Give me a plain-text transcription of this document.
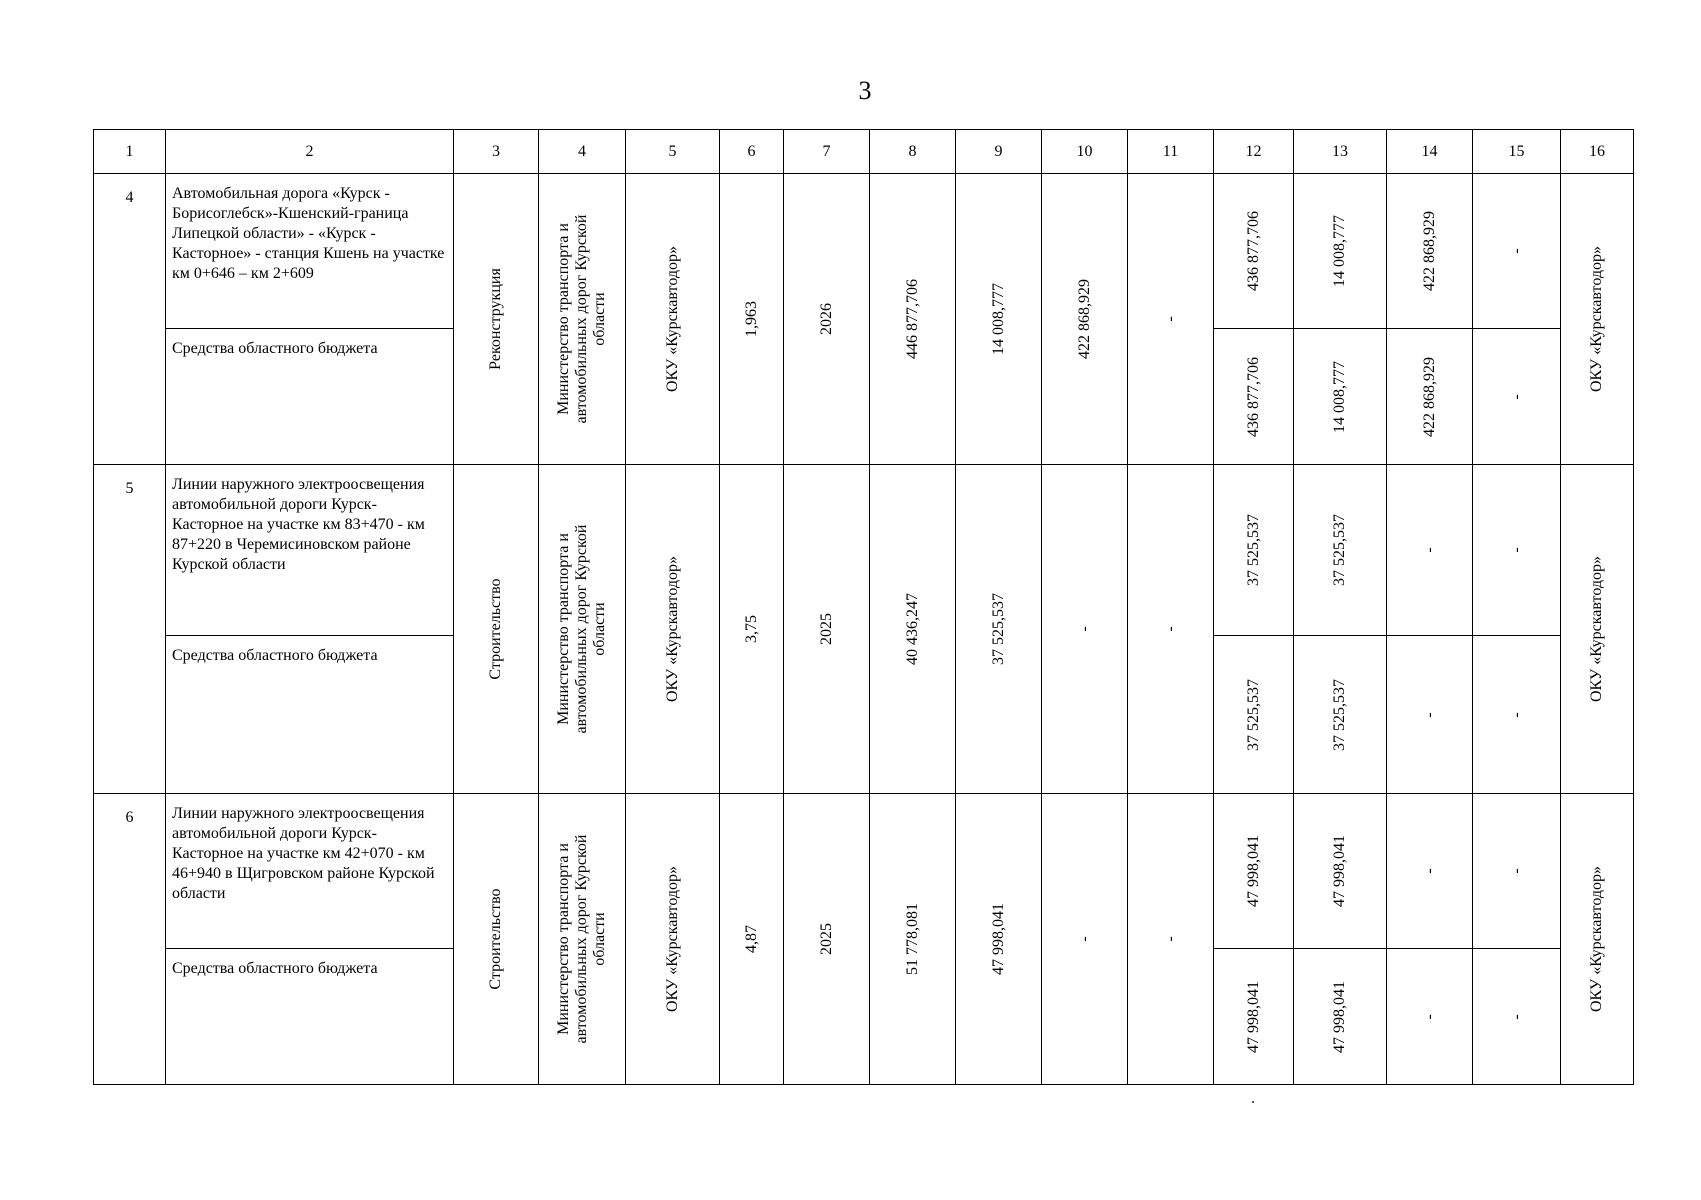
3
1	2	3	4	5	6	7	8	9	10	11	12	13	14	15	16
4	Автомобильная дорога «Курск - Борисоглебск»-Кшенский-граница Липецкой области» - «Курск - Касторное» - станция Кшень на участке км 0+646 – км 2+609	Реконструкция	Министерство транспорта и автомобильных дорог Курской области	ОКУ «Курскавтодор»	1,963	2026	446 877,706	14 008,777	422 868,929	-	436 877,706	14 008,777	422 868,929	-	ОКУ «Курскавтодор»

	Средства областного бюджета										436 877,706	14 008,777	422 868,929	-	

5	Линии наружного электроосвещения автомобильной дороги Курск-Касторное на участке км 83+470 - км 87+220 в Черемисиновском районе Курской области	Строительство	Министерство транспорта и автомобильных дорог Курской области	ОКУ «Курскавтодор»	3,75	2025	40 436,247	37 525,537	-	-	37 525,537	37 525,537	-	-	ОКУ «Курскавтодор»

	Средства областного бюджета										37 525,537	37 525,537	-	-	

6	Линии наружного электроосвещения автомобильной дороги Курск-Касторное на участке км 42+070 - км 46+940 в Щигровском районе Курской области	Строительство	Министерство транспорта и автомобильных дорог Курской области	ОКУ «Курскавтодор»	4,87	2025	51 778,081	47 998,041	-	-	47 998,041	47 998,041	-	-	ОКУ «Курскавтодор»

	Средства областного бюджета										47 998,041	47 998,041	-	-	
